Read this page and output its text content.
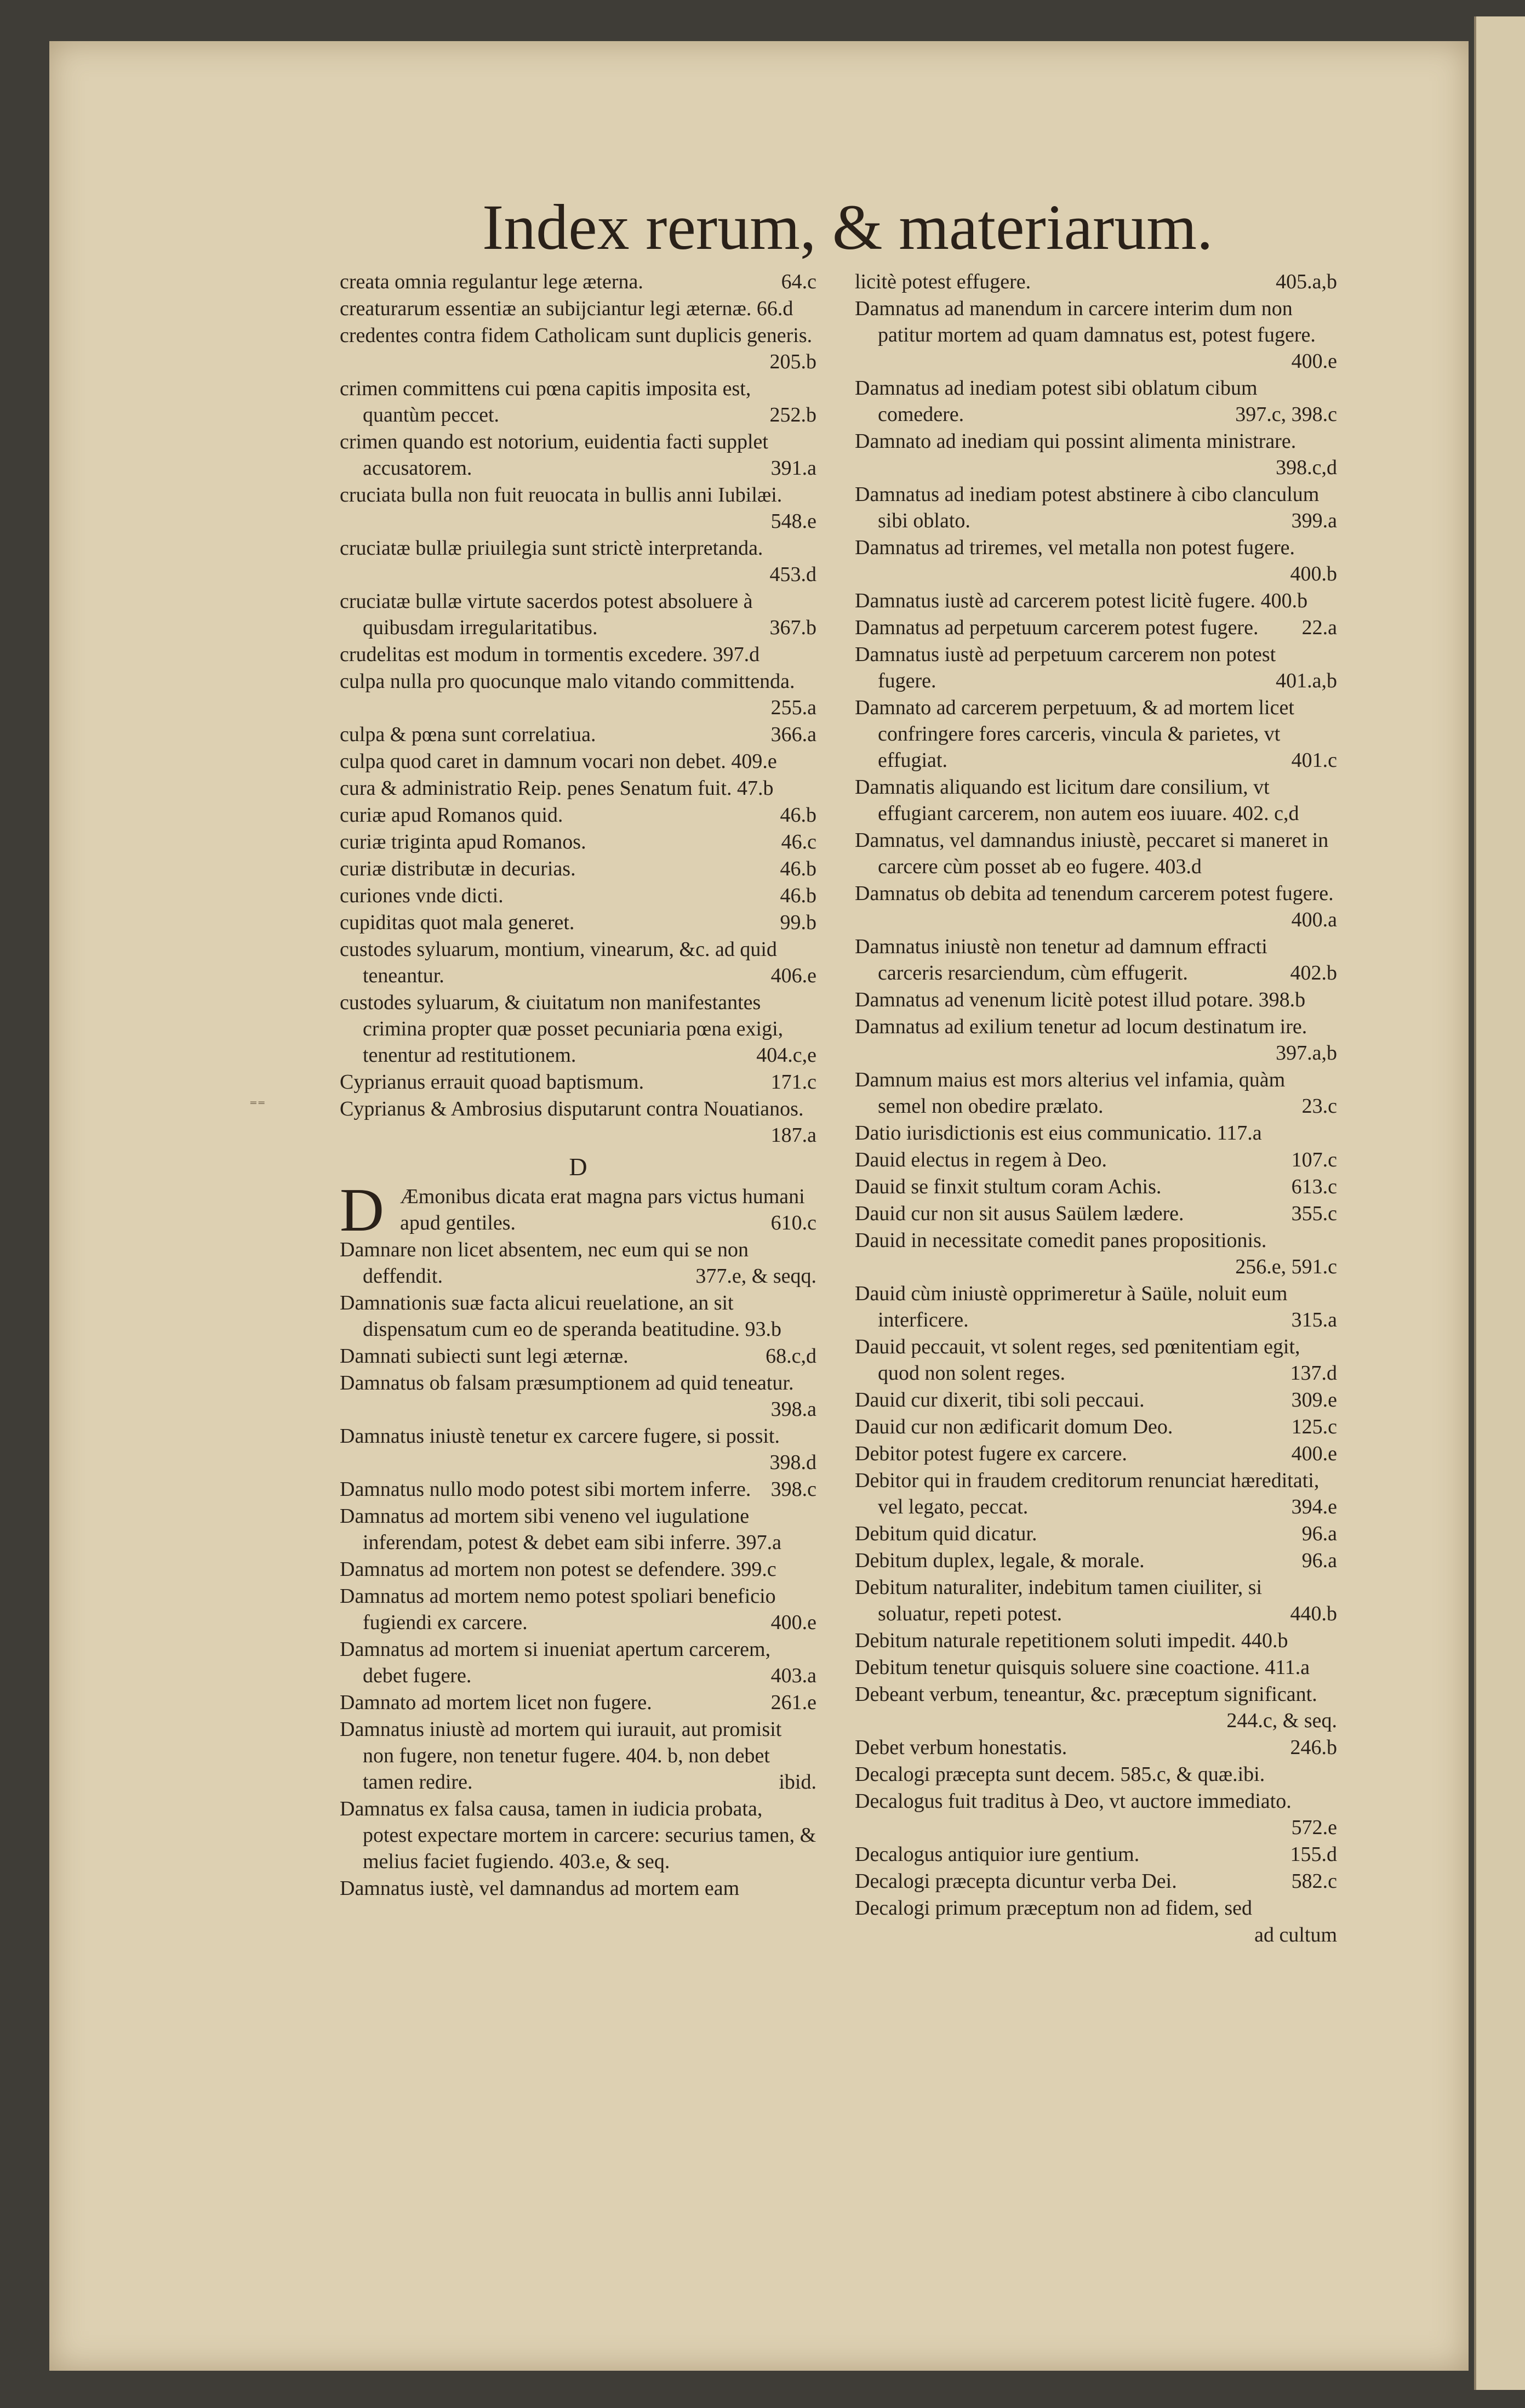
⁼⁼
Index rerum, & materiarum.
creata omnia regulantur lege æterna.	64.c
creaturarum essentiæ an subijciantur legi æternæ. 66.d
credentes contra fidem Catholicam sunt duplicis generis.
205.b
crimen committens cui pœna capitis imposita est, quantùm peccet.	252.b
crimen quando est notorium, euidentia facti supplet accusatorem.	391.a
cruciata bulla non fuit reuocata in bullis anni Iubilæi.
548.e
cruciatæ bullæ priuilegia sunt strictè interpretanda.
453.d
cruciatæ bullæ virtute sacerdos potest absoluere à quibusdam irregularitatibus.	367.b
crudelitas est modum in tormentis excedere. 397.d
culpa nulla pro quocunque malo vitando committenda.
255.a
culpa & pœna sunt correlatiua.	366.a
culpa quod caret in damnum vocari non debet. 409.e
cura & administratio Reip. penes Senatum fuit. 47.b
curiæ apud Romanos quid.	46.b
curiæ triginta apud Romanos.	46.c
curiæ distributæ in decurias.	46.b
curiones vnde dicti.	46.b
cupiditas quot mala generet.	99.b
custodes syluarum, montium, vinearum, &c. ad quid teneantur.	406.e
custodes syluarum, & ciuitatum non manifestantes crimina propter quæ posset pecuniaria pœna exigi, tenentur ad restitutionem.	404.c,e
Cyprianus errauit quoad baptismum.	171.c
Cyprianus & Ambrosius disputarunt contra Nouatianos.
187.a
D
D Æmonibus dicata erat magna pars victus humani apud gentiles.	610.c
Damnare non licet absentem, nec eum qui se non deffendit.	377.e, & seqq.
Damnationis suæ facta alicui reuelatione, an sit dispensatum cum eo de speranda beatitudine. 93.b
Damnati subiecti sunt legi æternæ.	68.c,d
Damnatus ob falsam præsumptionem ad quid teneatur.
398.a
Damnatus iniustè tenetur ex carcere fugere, si possit.
398.d
Damnatus nullo modo potest sibi mortem inferre. 398.c
Damnatus ad mortem sibi veneno vel iugulatione inferendam, potest & debet eam sibi inferre. 397.a
Damnatus ad mortem non potest se defendere. 399.c
Damnatus ad mortem nemo potest spoliari beneficio fugiendi ex carcere.	400.e
Damnatus ad mortem si inueniat apertum carcerem, debet fugere.	403.a
Damnato ad mortem licet non fugere.	261.e
Damnatus iniustè ad mortem qui iurauit, aut promisit non fugere, non tenetur fugere. 404. b, non debet tamen redire.	ibid.
Damnatus ex falsa causa, tamen in iudicia probata, potest expectare mortem in carcere: securius tamen, & melius faciet fugiendo. 403.e, & seq.
Damnatus iustè, vel damnandus ad mortem eam
licitè potest effugere.	405.a,b
Damnatus ad manendum in carcere interim dum non patitur mortem ad quam damnatus est, potest fugere.
400.e
Damnatus ad inediam potest sibi oblatum cibum comedere.	397.c, 398.c
Damnato ad inediam qui possint alimenta ministrare.
398.c,d
Damnatus ad inediam potest abstinere à cibo clanculum sibi oblato.	399.a
Damnatus ad triremes, vel metalla non potest fugere.
400.b
Damnatus iustè ad carcerem potest licitè fugere. 400.b
Damnatus ad perpetuum carcerem potest fugere.	22.a
Damnatus iustè ad perpetuum carcerem non potest fugere.	401.a,b
Damnato ad carcerem perpetuum, & ad mortem licet confringere fores carceris, vincula & parietes, vt effugiat.	401.c
Damnatis aliquando est licitum dare consilium, vt effugiant carcerem, non autem eos iuuare. 402. c,d
Damnatus, vel damnandus iniustè, peccaret si maneret in carcere cùm posset ab eo fugere. 403.d
Damnatus ob debita ad tenendum carcerem potest fugere.
400.a
Damnatus iniustè non tenetur ad damnum effracti carceris resarciendum, cùm effugerit.	402.b
Damnatus ad venenum licitè potest illud potare. 398.b
Damnatus ad exilium tenetur ad locum destinatum ire.
397.a,b
Damnum maius est mors alterius vel infamia, quàm semel non obedire prælato.	23.c
Datio iurisdictionis est eius communicatio. 117.a
Dauid electus in regem à Deo.	107.c
Dauid se finxit stultum coram Achis.	613.c
Dauid cur non sit ausus Saülem lædere.	355.c
Dauid in necessitate comedit panes propositionis.
256.e, 591.c
Dauid cùm iniustè opprimeretur à Saüle, noluit eum interficere.	315.a
Dauid peccauit, vt solent reges, sed pœnitentiam egit, quod non solent reges.	137.d
Dauid cur dixerit, tibi soli peccaui.	309.e
Dauid cur non ædificarit domum Deo.	125.c
Debitor potest fugere ex carcere.	400.e
Debitor qui in fraudem creditorum renunciat hæreditati, vel legato, peccat.	394.e
Debitum quid dicatur.	96.a
Debitum duplex, legale, & morale.	96.a
Debitum naturaliter, indebitum tamen ciuiliter, si soluatur, repeti potest.	440.b
Debitum naturale repetitionem soluti impedit. 440.b
Debitum tenetur quisquis soluere sine coactione. 411.a
Debeant verbum, teneantur, &c. præceptum significant.
244.c, & seq.
Debet verbum honestatis.	246.b
Decalogi præcepta sunt decem. 585.c, & quæ.ibi.
Decalogus fuit traditus à Deo, vt auctore immediato.
572.e
Decalogus antiquior iure gentium.	155.d
Decalogi præcepta dicuntur verba Dei.	582.c
Decalogi primum præceptum non ad fidem, sed
ad cultum
